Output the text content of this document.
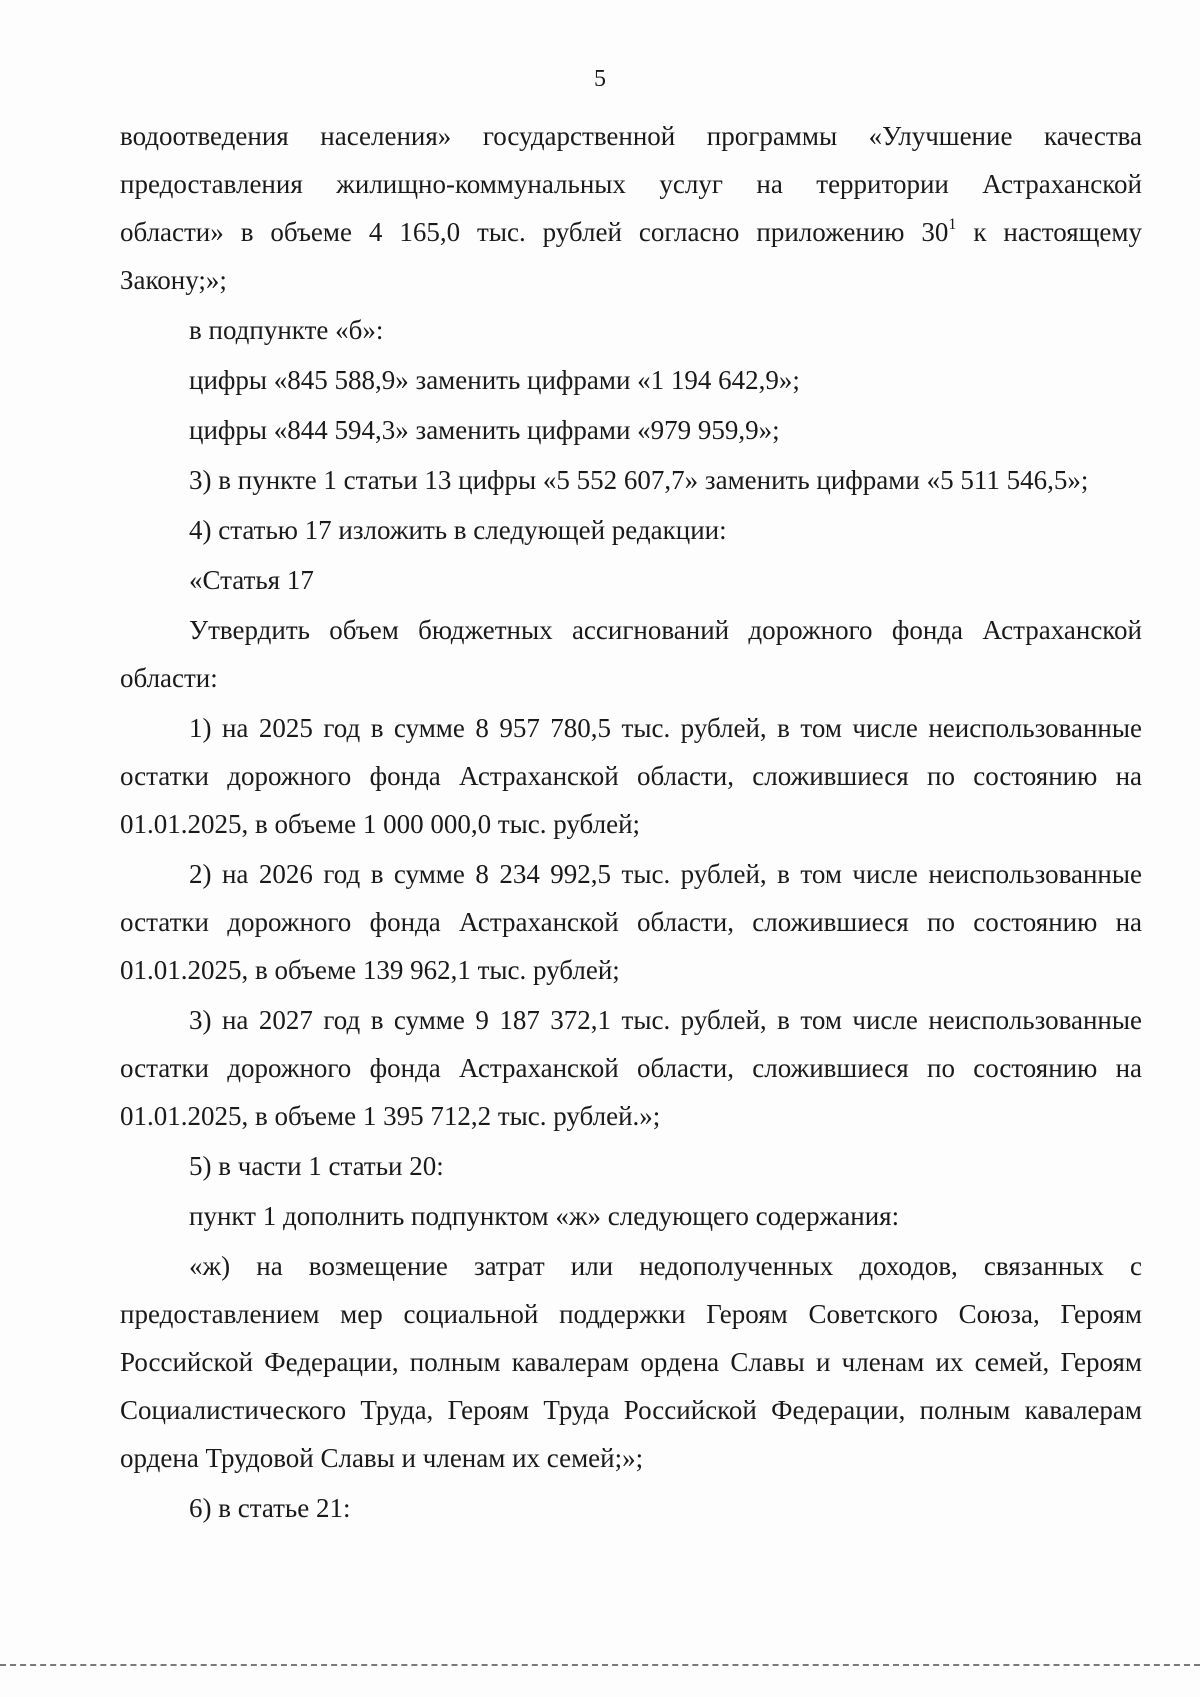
5
водоотведения населения» государственной программы «Улучшение качества
предоставления жилищно-коммунальных услуг на территории Астраханской
области» в объеме 4 165,0 тыс. рублей согласно приложению $30^1$ к настоящему
Закону;»;
в подпункте «б»:
цифры «845 588,9» заменить цифрами «1 194 642,9»;
цифры «844 594,3» заменить цифрами «979 959,9»;
3) в пункте 1 статьи 13 цифры «5 552 607,7» заменить цифрами «5 511 546,5»;
4) статью 17 изложить в следующей редакции:
«Статья 17
Утвердить объем бюджетных ассигнований дорожного фонда Астраханской области:
1) на 2025 год в сумме 8 957 780,5 тыс. рублей, в том числе неиспользованные остатки дорожного фонда Астраханской области, сложившиеся по состоянию на 01.01.2025, в объеме 1 000 000,0 тыс. рублей;
2) на 2026 год в сумме 8 234 992,5 тыс. рублей, в том числе неиспользованные остатки дорожного фонда Астраханской области, сложившиеся по состоянию на 01.01.2025, в объеме 139 962,1 тыс. рублей;
3) на 2027 год в сумме 9 187 372,1 тыс. рублей, в том числе неиспользованные остатки дорожного фонда Астраханской области, сложившиеся по состоянию на 01.01.2025, в объеме 1 395 712,2 тыс. рублей.»;
5) в части 1 статьи 20:
пункт 1 дополнить подпунктом «ж» следующего содержания:
«ж) на возмещение затрат или недополученных доходов, связанных с предоставлением мер социальной поддержки Героям Советского Союза, Героям Российской Федерации, полным кавалерам ордена Славы и членам их семей, Героям Социалистического Труда, Героям Труда Российской Федерации, полным кавалерам ордена Трудовой Славы и членам их семей;»;
6) в статье 21:
